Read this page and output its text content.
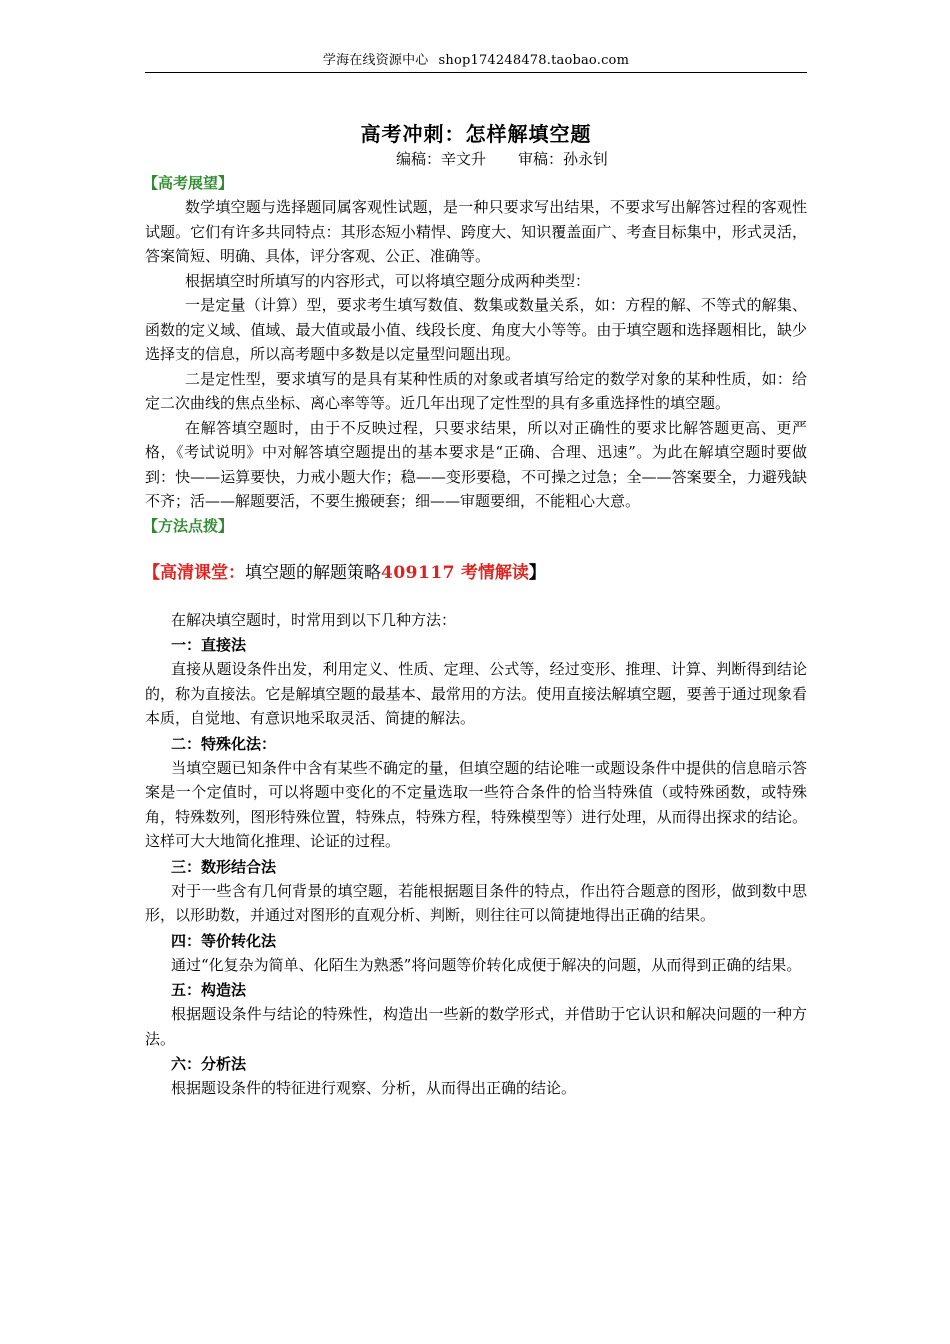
学海在线资源中心 shop174248478.taobao.com
高考冲刺：怎样解填空题
编稿：辛文升 审稿：孙永钊
【高考展望】

数学填空题与选择题同属客观性试题，是一种只要求写出结果，不要求写出解答过程的客观性试题。它们有许多共同特点：其形态短小精悍、跨度大、知识覆盖面广、考查目标集中，形式灵活，答案简短、明确、具体，评分客观、公正、准确等。

根据填空时所填写的内容形式，可以将填空题分成两种类型：

一是定量（计算）型，要求考生填写数值、数集或数量关系，如：方程的解、不等式的解集、函数的定义域、值域、最大值或最小值、线段长度、角度大小等等。由于填空题和选择题相比，缺少选择支的信息，所以高考题中多数是以定量型问题出现。

二是定性型，要求填写的是具有某种性质的对象或者填写给定的数学对象的某种性质，如：给定二次曲线的焦点坐标、离心率等等。近几年出现了定性型的具有多重选择性的填空题。

在解答填空题时，由于不反映过程，只要求结果，所以对正确性的要求比解答题更高、更严格，《考试说明》中对解答填空题提出的基本要求是“正确、合理、迅速”。为此在解填空题时要做到：快——运算要快，力戒小题大作；稳——变形要稳，不可操之过急；全——答案要全，力避残缺不齐；活——解题要活，不要生搬硬套；细——审题要细，不能粗心大意。

【方法点拨】
【高清课堂：填空题的解题策略409117 考情解读】

在解决填空题时，时常用到以下几种方法：

一：直接法

直接从题设条件出发，利用定义、性质、定理、公式等，经过变形、推理、计算、判断得到结论的，称为直接法。它是解填空题的最基本、最常用的方法。使用直接法解填空题，要善于通过现象看本质，自觉地、有意识地采取灵活、简捷的解法。

二：特殊化法：

当填空题已知条件中含有某些不确定的量，但填空题的结论唯一或题设条件中提供的信息暗示答案是一个定值时，可以将题中变化的不定量选取一些符合条件的恰当特殊值（或特殊函数，或特殊角，特殊数列，图形特殊位置，特殊点，特殊方程，特殊模型等）进行处理，从而得出探求的结论。这样可大大地简化推理、论证的过程。

三：数形结合法

对于一些含有几何背景的填空题，若能根据题目条件的特点，作出符合题意的图形，做到数中思形，以形助数，并通过对图形的直观分析、判断，则往往可以简捷地得出正确的结果。

四：等价转化法

通过“化复杂为简单、化陌生为熟悉”将问题等价转化成便于解决的问题，从而得到正确的结果。

五：构造法

根据题设条件与结论的特殊性，构造出一些新的数学形式，并借助于它认识和解决问题的一种方法。

六：分析法

根据题设条件的特征进行观察、分析，从而得出正确的结论。
